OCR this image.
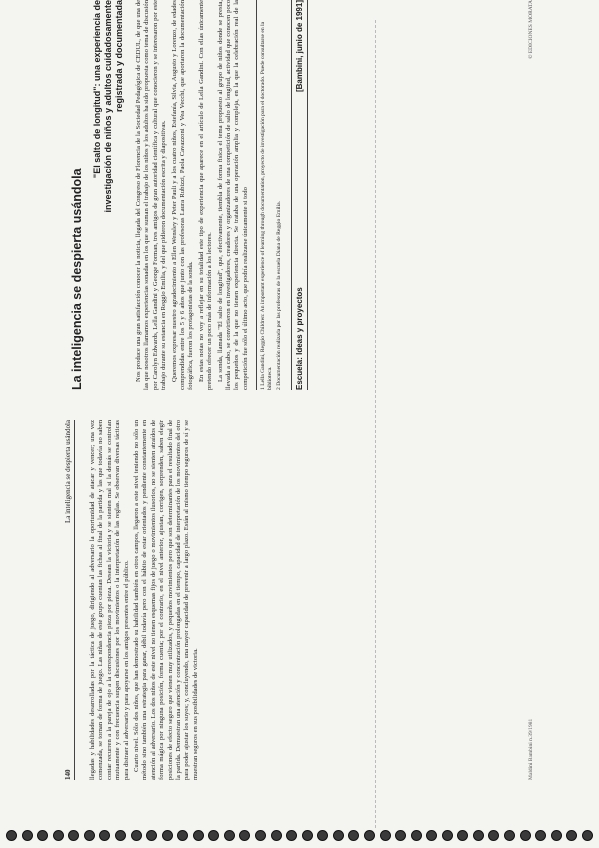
140
La inteligencia se despierta usándola	llegadas y habilidades desarrolladas por la táctica de juego, dirigiendo al adversario la oportunidad de atacar y vencer; una vez comenzada, se tornan de forma de juego. Las niñas de este grupo cuentan las fichas al final de la partida y las que todavía no saben contar recurren a la pareja de ojo a la correspondencia pieza por pieza. Desean la victoria y se sienten mal si la demás se controlan mutuamente y con frecuencia surgen discusiones por los movimientos o la interpretación de las reglas. Se observan diversas tácticas para distraer al adversario y para apoyarse en los amigos presentes entre el público. Cuarto nivel. Sólo dos niños, que han demostrado su habilidad también en otros campos, llegaron a este nivel teniendo no sólo un método sino también una estrategia para ganar, débil todavía pero con el hábito de estar orientados y pendiente constantemente en atención al adversario. Los dos niños de este nivel no tienen esquemas fijos de juego o movimientos ilusorios, no se sienten atraídos de forma mágica por ninguna posición, forma cuenta; por el contrario, en el nivel anterior, ajustan, corrigen, sorprenden, saben elegir posiciones de efecto seguro que vienen muy utilizados, y pequeños movimientos pero que son determinantes para el resultado final de la partida. Demuestran una atención y concentración prolongadas en el tiempo, capacidad de interpretación de los movimientos del otro para poder ajustar los suyos; y, concluyendo, una mayor capacidad de prevenir a largo plazo. Están al mismo tiempo seguros de sí y se muestran seguros en sus posibilidades de victoria.	Maldini Bambini n.39/1981
La inteligencia se despierta usándola
"El salto de longitud": una experiencia de investigación de niños y adultos cuidadosamente registrada y documentada Nos produce una gran satisfacción conocer la noticia, llegada del Congreso de Florencia de la Sociedad Pedagógica de CEDUL, de que una de las que nosotros llamamos experiencias sonadas en los que se suman el trabajo de los niños y los adultos ha sido propuesta como tema de discusión por Carolyn Edwards, Lella Gandini y George Forman, tres amigos de gran autoridad científica y cultural que conocieron y se interesaron por este trabajo durante su estancia en Reggio Emilia, y del que pidieron documentación escrita y diapositivas. Queremos expresar nuestro agradecimiento a Ellen Wensley y Peter Pauli y a los cuatro niños, Estefanía, Silvia, Augusto y Lorenzo, de edades comprendidas entre los 5 y 6 años que junto con las profesoras Laura Rubizzi, Paola Cavazzoni y Vea Vecchi, que aportaron la documentación fotográfica, fueron los protagonistas de la sonda. En estas notas no voy a reflejar en su totalidad este tipo de experiencia que aparece en el artículo de Lella Gandini. Con ellas únicamente pretendo ofrecer un poco más de información a los lectores. La sonda, llamada "El salto de longitud", que, efectivamente, tiembla de forma fisica el tema propuesto al grupo de niños donde se presta, llevada a cabo, se convirtieron en investigadores, creadores y organizadores de una competición de salto de longitud, actividad que conocen poco los pequeños y de la que no tienen experiencia directa. Se trataba de una operación amplia y compleja, en la que la celebración real de la competición fue sólo el último acto, que podría realizarse únicamente si todo 1 Lella Gandini, Reggio Children: An important experience of learning through documentation, proyecto de investigación para el doctorado. Puede consultarse en la biblioteca. 2 Documentación realizada por las profesoras de la escuela Diana de Reggio Emilia. Escuela: Ideas y proyectos
[Bambini, junio de 1991]	© EDICIONES MORATA
